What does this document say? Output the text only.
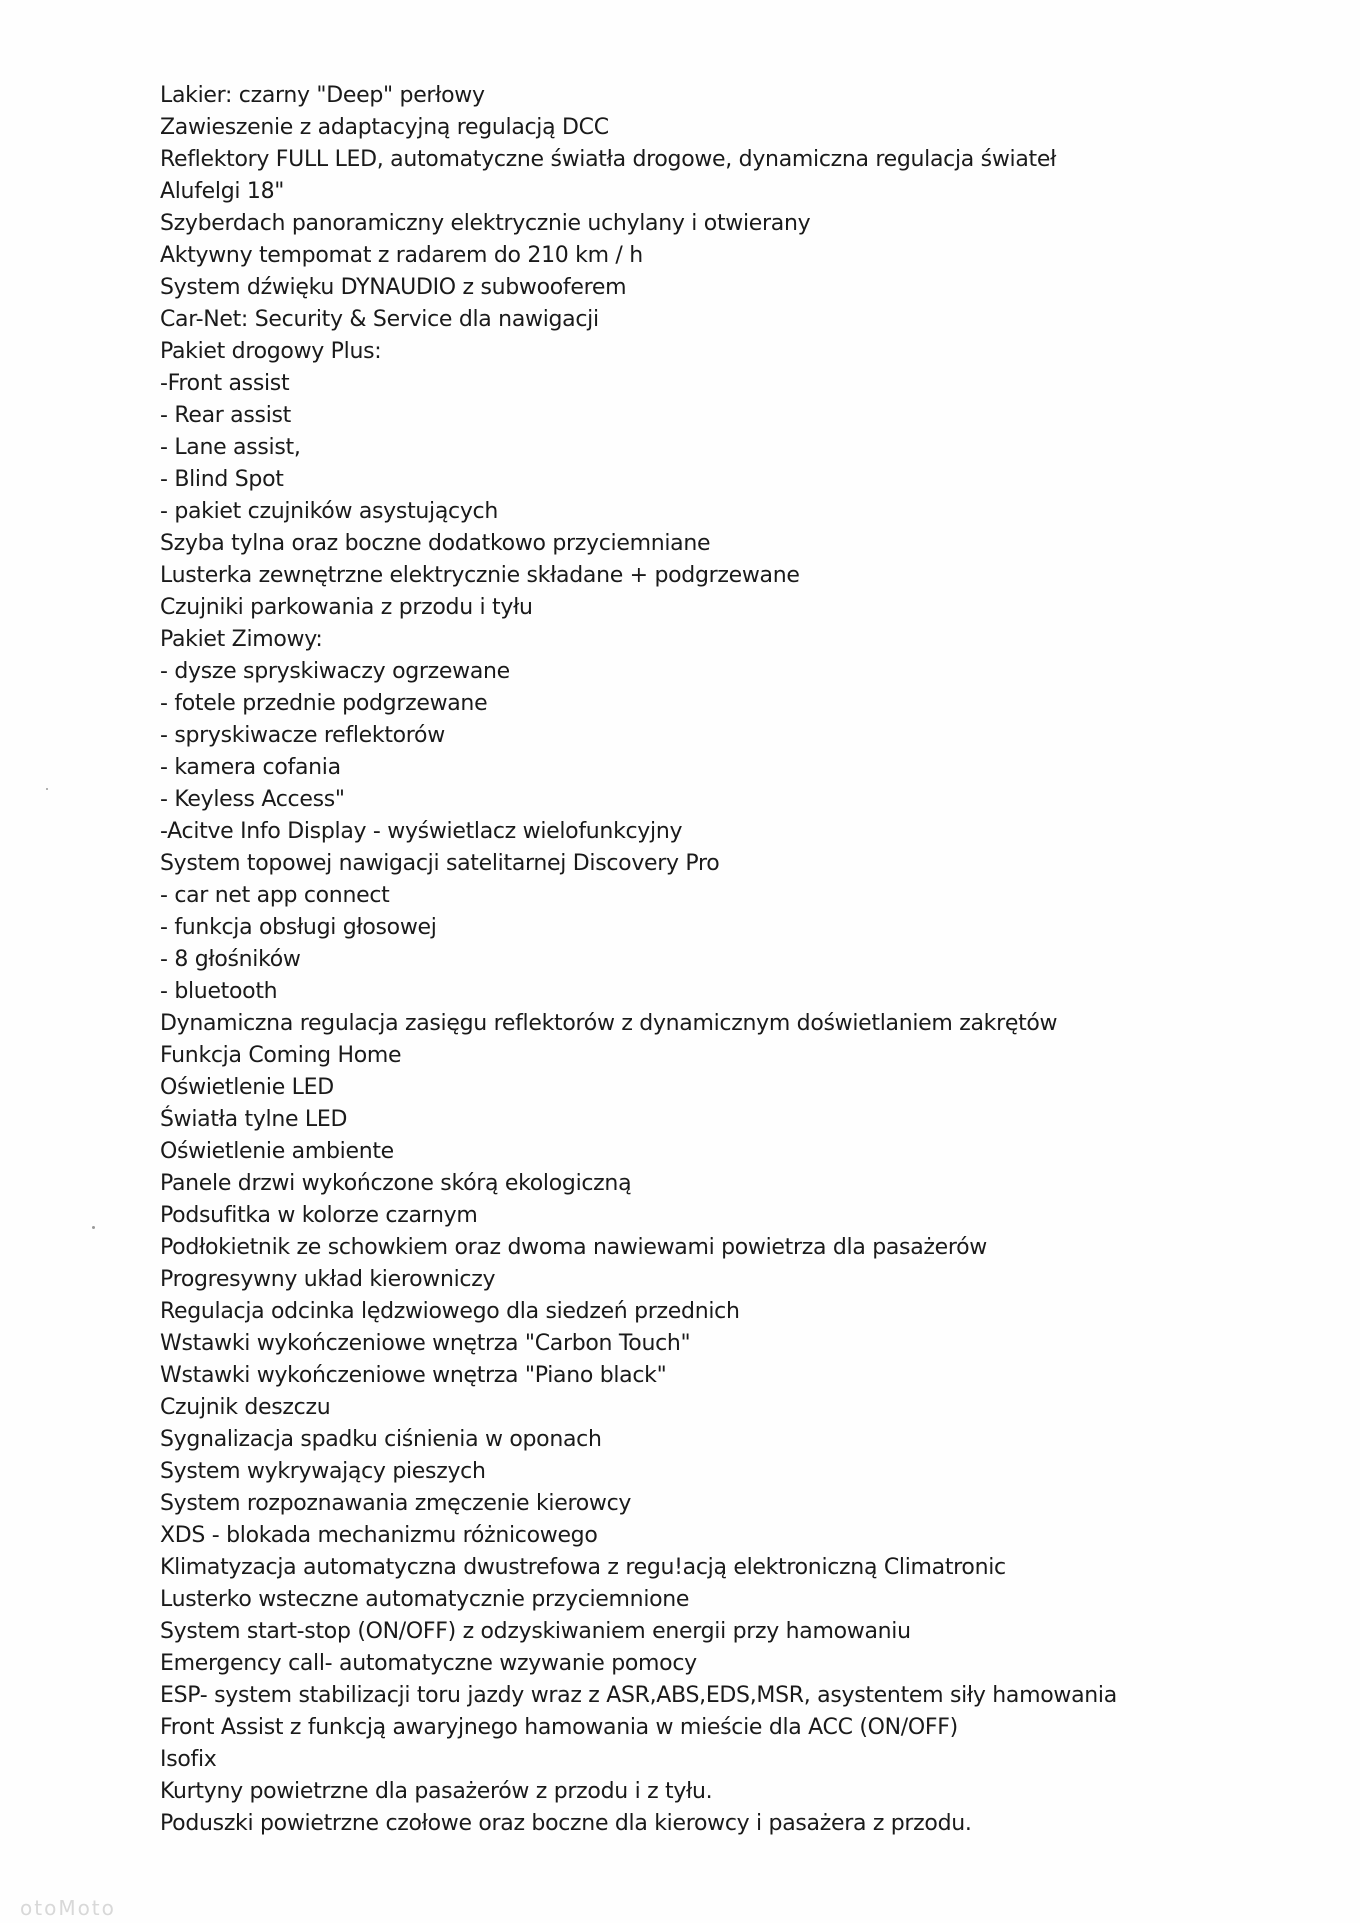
Lakier: czarny "Deep" perłowy
Zawieszenie z adaptacyjną regulacją DCC
Reflektory FULL LED, automatyczne światła drogowe, dynamiczna regulacja świateł
Alufelgi 18"
Szyberdach panoramiczny elektrycznie uchylany i otwierany
Aktywny tempomat z radarem do 210 km / h
System dźwięku DYNAUDIO z subwooferem
Car-Net: Security & Service dla nawigacji
Pakiet drogowy Plus:
-Front assist
- Rear assist
- Lane assist,
- Blind Spot
- pakiet czujników asystujących
Szyba tylna oraz boczne dodatkowo przyciemniane
Lusterka zewnętrzne elektrycznie składane + podgrzewane
Czujniki parkowania z przodu i tyłu
Pakiet Zimowy:
- dysze spryskiwaczy ogrzewane
- fotele przednie podgrzewane
- spryskiwacze reflektorów
- kamera cofania
- Keyless Access"
-Acitve Info Display - wyświetlacz wielofunkcyjny
System topowej nawigacji satelitarnej Discovery Pro
- car net app connect
- funkcja obsługi głosowej
- 8 głośników
- bluetooth
Dynamiczna regulacja zasięgu reflektorów z dynamicznym doświetlaniem zakrętów
Funkcja Coming Home
Oświetlenie LED
Światła tylne LED
Oświetlenie ambiente
Panele drzwi wykończone skórą ekologiczną
Podsufitka w kolorze czarnym
Podłokietnik ze schowkiem oraz dwoma nawiewami powietrza dla pasażerów
Progresywny układ kierowniczy
Regulacja odcinka lędzwiowego dla siedzeń przednich
Wstawki wykończeniowe wnętrza "Carbon Touch"
Wstawki wykończeniowe wnętrza "Piano black"
Czujnik deszczu
Sygnalizacja spadku ciśnienia w oponach
System wykrywający pieszych
System rozpoznawania zmęczenie kierowcy
XDS - blokada mechanizmu różnicowego
Klimatyzacja automatyczna dwustrefowa z regu!acją elektroniczną Climatronic
Lusterko wsteczne automatycznie przyciemnione
System start-stop (ON/OFF) z odzyskiwaniem energii przy hamowaniu
Emergency call- automatyczne wzywanie pomocy
ESP- system stabilizacji toru jazdy wraz z ASR,ABS,EDS,MSR, asystentem siły hamowania
Front Assist z funkcją awaryjnego hamowania w mieście dla ACC (ON/OFF)
Isofix
Kurtyny powietrzne dla pasażerów z przodu i z tyłu.
Poduszki powietrzne czołowe oraz boczne dla kierowcy i pasażera z przodu.
otoMoto
